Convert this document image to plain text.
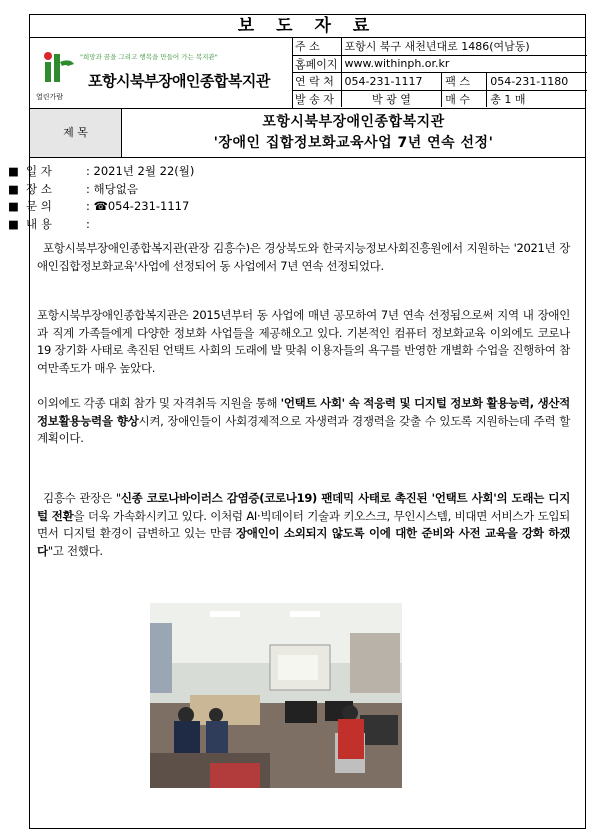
보 도 자 료
열린가람
"희망과 꿈을 그리고 행복을 만들어 가는 복지관"
포항시북부장애인종합복지관
주 소	포항시 북구 새천년대로 1486(여남동)		
홈페이지	www.withinph.or.kr		
연 락 처	054-231-1117	팩 스	054-231-1180
발 송 자	박 광 열	매 수	총 1 매
제 목
포항시북부장애인종합복지관
'장애인 집합정보화교육사업 7년 연속 선정'
■ 일 자	: 2021년 2월 22(월)
■ 장 소	: 해당없음
■ 문 의	: ☎054-231-1117
■ 내 용	:
포항시북부장애인종합복지관(관장 김흥수)은 경상북도와 한국지능정보사회진흥원에서 지원하는 '2021년 장애인집합정보화교육'사업에 선정되어 동 사업에서 7년 연속 선정되었다.
포항시북부장애인종합복지관은 2015년부터 동 사업에 매년 공모하여 7년 연속 선정됨으로써 지역 내 장애인과 직계 가족들에게 다양한 정보화 사업들을 제공해오고 있다. 기본적인 컴퓨터 정보화교육 이외에도 코로나19 장기화 사태로 촉진된 언택트 사회의 도래에 발 맞춰 이용자들의 욕구를 반영한 개별화 수업을 진행하여 참여만족도가 매우 높았다.
이외에도 각종 대회 참가 및 자격취득 지원을 통해 '언택트 사회' 속 적응력 및 디지털 정보화 활용능력, 생산적 정보활용능력을 향상시켜, 장애인들이 사회경제적으로 자생력과 경쟁력을 갖출 수 있도록 지원하는데 주력 할 계획이다.
김흥수 관장은 "신종 코로나바이러스 감염증(코로나19) 팬데믹 사태로 촉진된 '언택트 사회'의 도래는 디지털 전환을 더욱 가속화시키고 있다. 이처럼 AI·빅데이터 기술과 키오스크, 무인시스템, 비대면 서비스가 도입되면서 디지털 환경이 급변하고 있는 만큼 장애인이 소외되지 않도록 이에 대한 준비와 사전 교육을 강화 하겠다"고 전했다.
